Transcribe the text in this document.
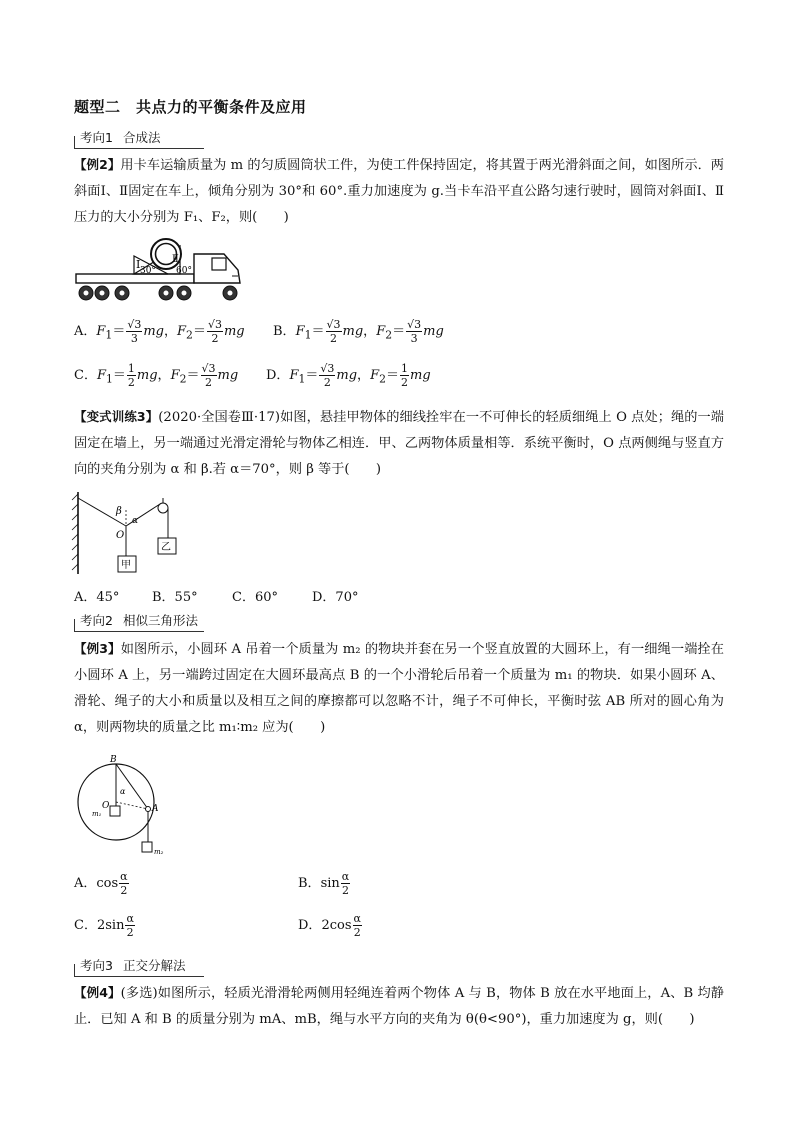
题型二　共点力的平衡条件及应用
考向1 合成法
【例2】用卡车运输质量为 m 的匀质圆筒状工件，为使工件保持固定，将其置于两光滑斜面之间，如图所示．两斜面Ⅰ、Ⅱ固定在车上，倾角分别为 30°和 60°.重力加速度为 g.当卡车沿平直公路匀速行驶时，圆筒对斜面Ⅰ、Ⅱ压力的大小分别为 F₁、F₂，则(　　)
Ⅰ	Ⅱ
30° 60°
A．$F_1= \frac{√3}{3}$ mg，$F_2= \frac{√3}{2}$ mg B．$F_1= \frac{√3}{2}$ mg，$F_2= \frac{√3}{3}$ mg
C．$F_1= \frac{1}{2}$ mg，$F_2= \frac{√3}{2}$ mg D．$F_1= \frac{√3}{2}$ mg，$F_2= \frac{1}{2}$ mg
【变式训练3】(2020·全国卷Ⅲ·17)如图，悬挂甲物体的细线拴牢在一不可伸长的轻质细绳上 O 点处；绳的一端固定在墙上，另一端通过光滑定滑轮与物体乙相连．甲、乙两物体质量相等．系统平衡时，O 点两侧绳与竖直方向的夹角分别为 α 和 β.若 α＝70°，则 β 等于(　　)
β
α
O
甲
乙
A．45°	B．55°	C．60°	D．70°
考向2 相似三角形法
【例3】如图所示，小圆环 A 吊着一个质量为 m₂ 的物块并套在另一个竖直放置的大圆环上，有一细绳一端拴在小圆环 A 上，另一端跨过固定在大圆环最高点 B 的一个小滑轮后吊着一个质量为 m₁ 的物块．如果小圆环 A、滑轮、绳子的大小和质量以及相互之间的摩擦都可以忽略不计，绳子不可伸长，平衡时弦 AB 所对的圆心角为 α，则两物块的质量之比 m₁∶m₂ 应为(　　)
B
O	A
α
m₁
m₂
A．$\cos \frac{\alpha}{2}$	B．$\sin \frac{\alpha}{2}$
C．$2\sin \frac{\alpha}{2}$	D．$2\cos \frac{\alpha}{2}$
考向3 正交分解法
【例4】(多选)如图所示，轻质光滑滑轮两侧用轻绳连着两个物体 A 与 B，物体 B 放在水平地面上，A、B 均静止．已知 A 和 B 的质量分别为 mA、mB，绳与水平方向的夹角为 θ(θ<90°)，重力加速度为 g，则(　　)
